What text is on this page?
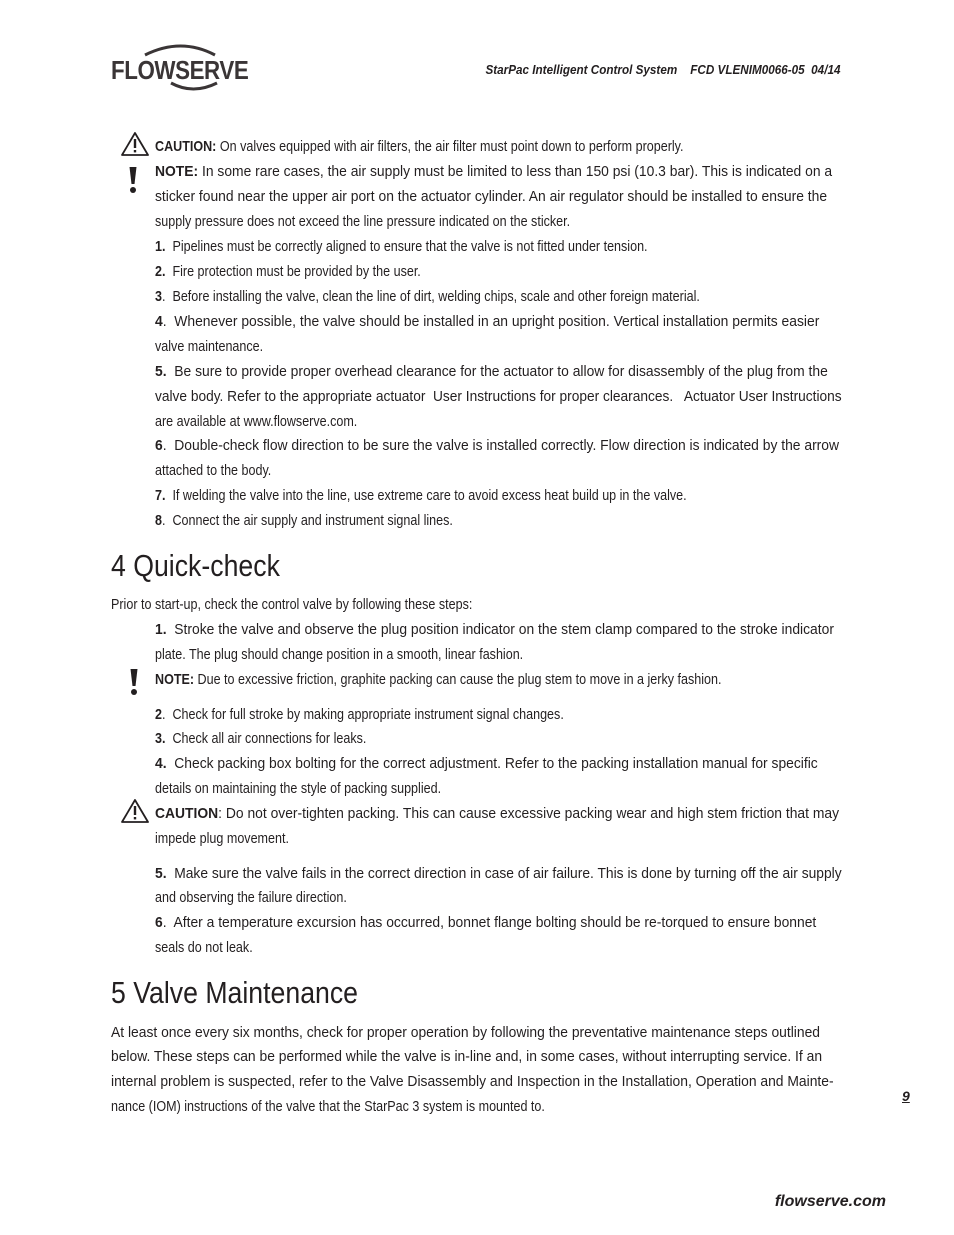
FLOWSERVE	StarPac Intelligent Control System    FCD VLENIM0066-05  04/14
CAUTION: On valves equipped with air filters, the air filter must point down to perform properly.
1.  Pipelines must be correctly aligned to ensure that the valve is not fitted under tension.
2.  Fire protection must be provided by the user.
3.  Before installing the valve, clean the line of dirt, welding chips, scale and other foreign material.
4.  Whenever possible, the valve should be installed in an upright position. Vertical installation permits easier
valve maintenance.
5.  Be sure to provide proper overhead clearance for the actuator to allow for disassembly of the plug from the
valve body. Refer to the appropriate actuator  User Instructions for proper clearances.   Actuator User Instructions
are available at www.flowserve.com.
6.  Double-check flow direction to be sure the valve is installed correctly. Flow direction is indicated by the arrow
attached to the body.
7.  If welding the valve into the line, use extreme care to avoid excess heat build up in the valve.
8.  Connect the air supply and instrument signal lines.
4 Quick-check
Prior to start-up, check the control valve by following these steps:
1.  Stroke the valve and observe the plug position indicator on the stem clamp compared to the stroke indicator
plate. The plug should change position in a smooth, linear fashion.
NOTE: Due to excessive friction, graphite packing can cause the plug stem to move in a jerky fashion.
2.  Check for full stroke by making appropriate instrument signal changes.
3.  Check all air connections for leaks.
4.  Check packing box bolting for the correct adjustment. Refer to the packing installation manual for specific
details on maintaining the style of packing supplied.
CAUTION: Do not over-tighten packing. This can cause excessive packing wear and high stem friction that may
impede plug movement.
5.  Make sure the valve fails in the correct direction in case of air failure. This is done by turning off the air supply
and observing the failure direction.
6.  After a temperature excursion has occurred, bonnet flange bolting should be re-torqued to ensure bonnet
seals do not leak.
5 Valve Maintenance
At least once every six months, check for proper operation by following the preventative maintenance steps outlined
below. These steps can be performed while the valve is in-line and, in some cases, without interrupting service. If an
internal problem is suspected, refer to the Valve Disassembly and Inspection in the Installation, Operation and Mainte-
nance (IOM) instructions of the valve that the StarPac 3 system is mounted to.
9
flowserve.com
NOTE: In some rare cases, the air supply must be limited to less than 150 psi (10.3 bar). This is indicated on a
sticker found near the upper air port on the actuator cylinder. An air regulator should be installed to ensure the
supply pressure does not exceed the line pressure indicated on the sticker.
